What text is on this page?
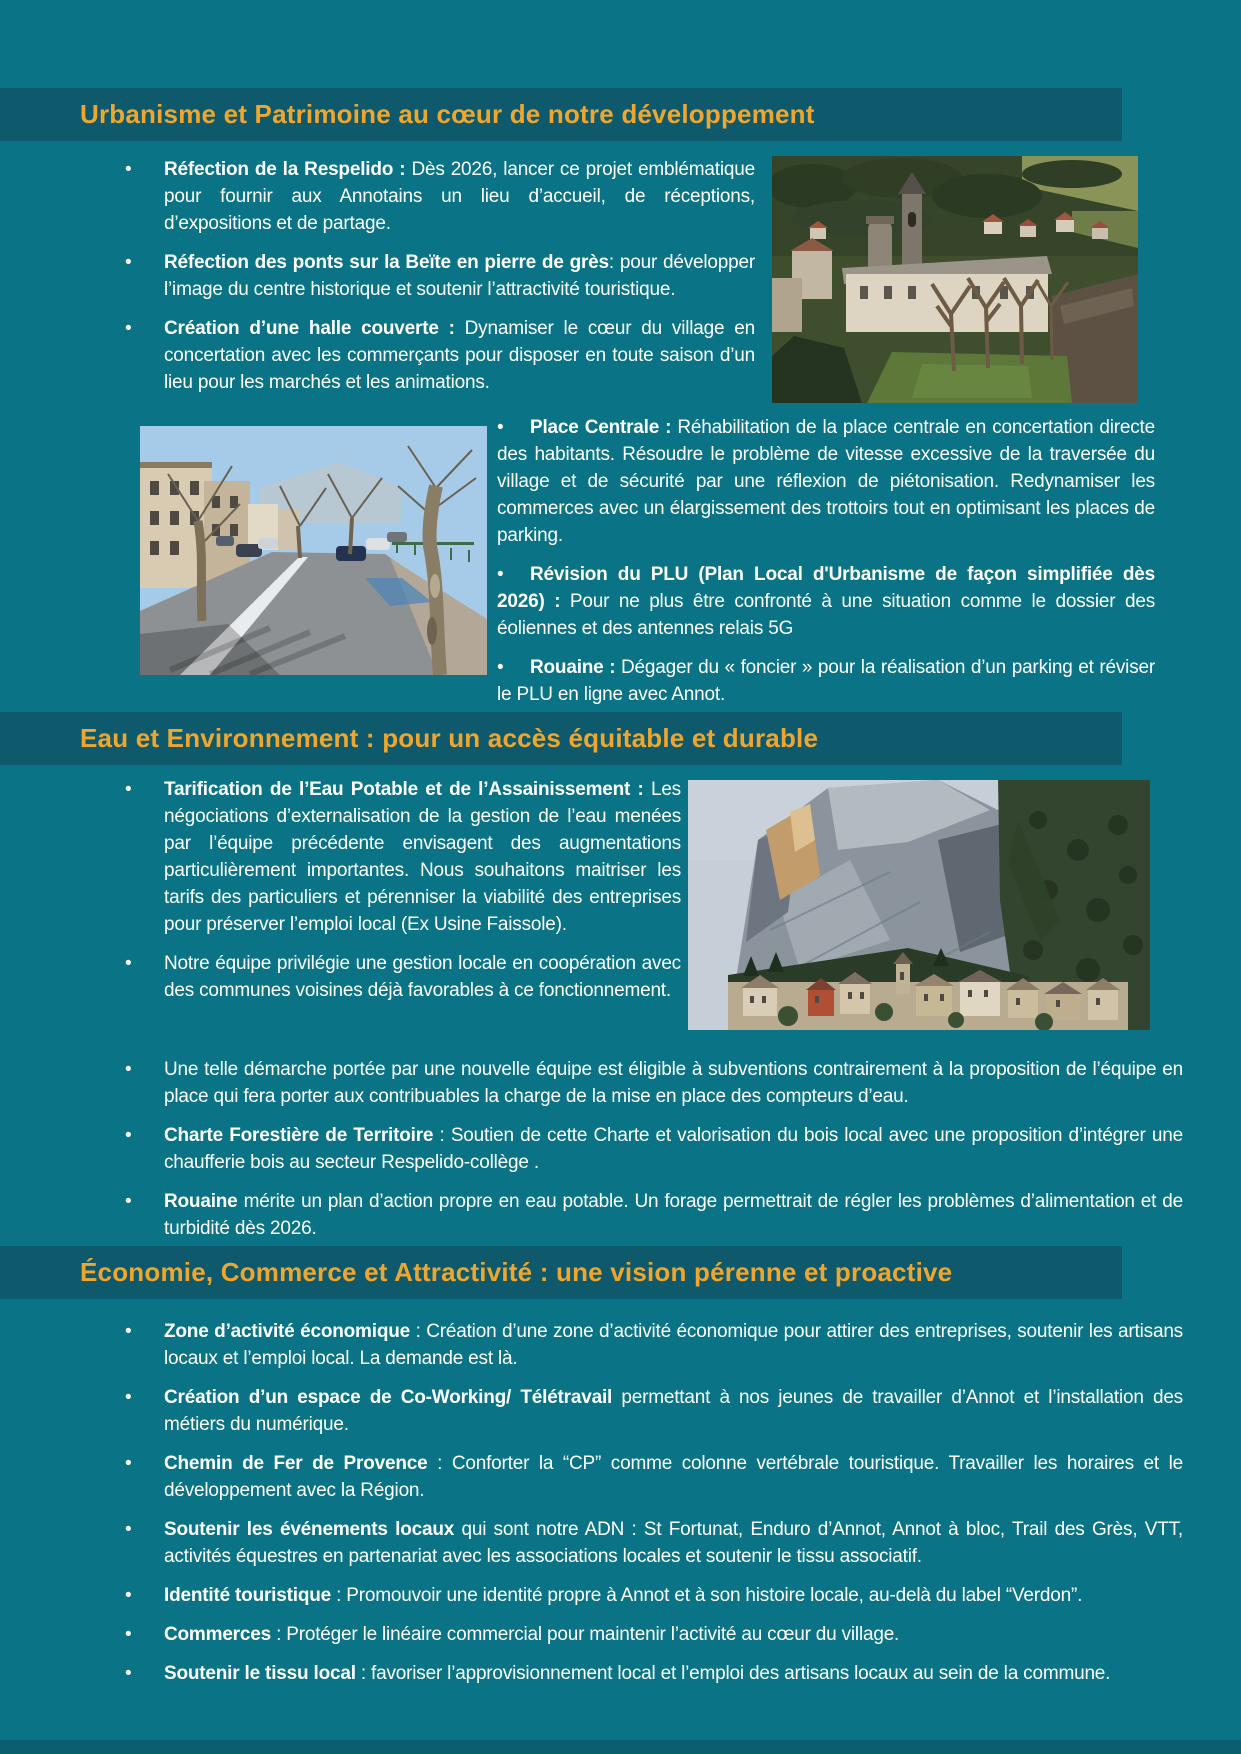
Urbanisme et Patrimoine au cœur de notre développement
•	Réfection de la Respelido : Dès 2026, lancer ce projet emblématique pour fournir aux Annotains un lieu d’accueil, de réceptions, d’expositions et de partage.
•	Réfection des ponts sur la Beïte en pierre de grès: pour développer l’image du centre historique et soutenir l’attractivité touristique.
•	Création d’une halle couverte : Dynamiser le cœur du village en concertation avec les commerçants pour disposer en toute saison d’un lieu pour les marchés et les animations.
• Place Centrale : Réhabilitation de la place centrale en concertation directe des habitants. Résoudre le problème de vitesse excessive de la traversée du village et de sécurité par une réflexion de piétonisation. Redynamiser les commerces avec un élargissement des trottoirs tout en optimisant les places de parking.
• Révision du PLU (Plan Local d'Urbanisme de façon simplifiée dès 2026) : Pour ne plus être confronté à une situation comme le dossier des éoliennes et des antennes relais 5G
• Rouaine : Dégager du « foncier » pour la réalisation d’un parking et réviser le PLU en ligne avec Annot.
Eau et Environnement : pour un accès équitable et durable
•	Tarification de l’Eau Potable et de l’Assainissement : Les négociations d’externalisation de la gestion de l’eau menées par l’équipe précédente envisagent des augmentations particulièrement importantes. Nous souhaitons maitriser les tarifs des particuliers et pérenniser la viabilité des entreprises pour préserver l’emploi local (Ex Usine Faissole).
•	Notre équipe privilégie une gestion locale en coopération avec des communes voisines déjà favorables à ce fonctionnement.
•	Une telle démarche portée par une nouvelle équipe est éligible à subventions contrairement à la proposition de l’équipe en place qui fera porter aux contribuables la charge de la mise en place des compteurs d’eau.
•	Charte Forestière de Territoire : Soutien de cette Charte et valorisation du bois local avec une proposition d’intégrer une chaufferie bois au secteur Respelido-collège .
•	Rouaine mérite un plan d’action propre en eau potable. Un forage permettrait de régler les problèmes d’alimentation et de turbidité dès 2026.
Économie, Commerce et Attractivité : une vision pérenne et proactive
•	Zone d’activité économique : Création d’une zone d’activité économique pour attirer des entreprises, soutenir les artisans locaux et l’emploi local. La demande est là.
•	Création d’un espace de Co-Working/ Télétravail permettant à nos jeunes de travailler d’Annot et l’installation des métiers du numérique.
•	Chemin de Fer de Provence : Conforter la “CP” comme colonne vertébrale touristique. Travailler les horaires et le développement avec la Région.
•	Soutenir les événements locaux qui sont notre ADN : St Fortunat, Enduro d’Annot, Annot à bloc, Trail des Grès, VTT, activités équestres en partenariat avec les associations locales et soutenir le tissu associatif.
•	Identité touristique : Promouvoir une identité propre à Annot et à son histoire locale, au-delà du label “Verdon”.
•	Commerces : Protéger le linéaire commercial pour maintenir l’activité au cœur du village.
•	Soutenir le tissu local : favoriser l’approvisionnement local et l’emploi des artisans locaux au sein de la commune.
